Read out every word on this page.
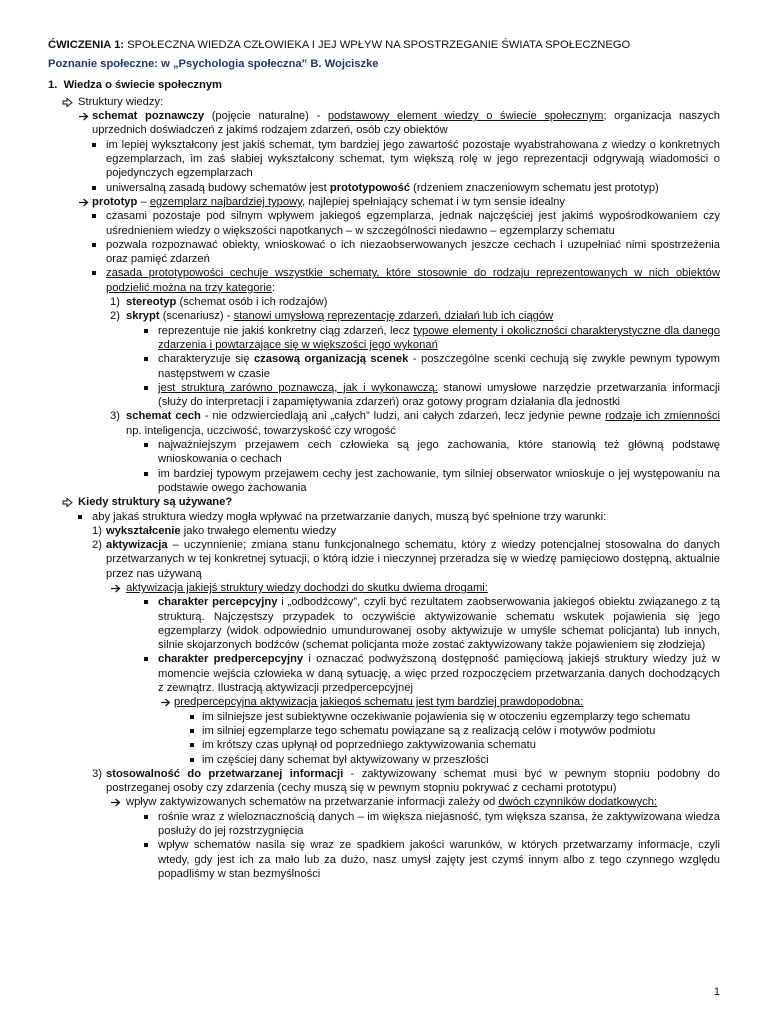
ĆWICZENIA 1: SPOŁECZNA WIEDZA CZŁOWIEKA I JEJ WPŁYW NA SPOSTRZEGANIE ŚWIATA SPOŁECZNEGO
Poznanie społeczne: w „Psychologia społeczna” B. Wojciszke
1. Wiedza o świecie społecznym
Struktury wiedzy:
schemat poznawczy (pojęcie naturalne) - podstawowy element wiedzy o świecie społecznym; organizacja naszych uprzednich doświadczeń z jakimś rodzajem zdarzeń, osób czy obiektów
im lepiej wykształcony jest jakiś schemat, tym bardziej jego zawartość pozostaje wyabstrahowana z wiedzy o konkretnych egzemplarzach, im zaś słabiej wykształcony schemat, tym większą rolę w jego reprezentacji odgrywają wiadomości o pojedynczych egzemplarzach
uniwersalną zasadą budowy schematów jest prototypowość (rdzeniem znaczeniowym schematu jest prototyp)
prototyp – egzemplarz najbardziej typowy, najlepiej spełniający schemat i w tym sensie idealny
czasami pozostaje pod silnym wpływem jakiegoś egzemplarza, jednak najczęściej jest jakimś wypośrodkowaniem czy uśrednieniem wiedzy o większości napotkanych – w szczególności niedawno – egzemplarzy schematu
pozwala rozpoznawać obiekty, wnioskować o ich niezaobserwowanych jeszcze cechach i uzupełniać nimi spostrzeżenia oraz pamięć zdarzeń
zasada prototypowości cechuje wszystkie schematy, które stosownie do rodzaju reprezentowanych w nich obiektów podzielić można na trzy kategorie:
1) stereotyp (schemat osób i ich rodzajów)
2) skrypt (scenariusz) - stanowi umysłową reprezentację zdarzeń, działań lub ich ciągów
reprezentuje nie jakiś konkretny ciąg zdarzeń, lecz typowe elementy i okoliczności charakterystyczne dla danego zdarzenia i powtarzające się w większości jego wykonań
charakteryzuje się czasową organizacją scenek - poszczególne scenki cechują się zwykle pewnym typowym następstwem w czasie
jest strukturą zarówno poznawczą, jak i wykonawczą: stanowi umysłowe narzędzie przetwarzania informacji (służy do interpretacji i zapamiętywania zdarzeń) oraz gotowy program działania dla jednostki
3) schemat cech - nie odzwierciedlają ani „całych” ludzi, ani całych zdarzeń, lecz jedynie pewne rodzaje ich zmienności np. inteligencja, uczciwość, towarzyskość czy wrogość
najważniejszym przejawem cech człowieka są jego zachowania, które stanowią też główną podstawę wnioskowania o cechach
im bardziej typowym przejawem cechy jest zachowanie, tym silniej obserwator wnioskuje o jej występowaniu na podstawie owego zachowania
Kiedy struktury są używane?
aby jakaś struktura wiedzy mogła wpływać na przetwarzanie danych, muszą być spełnione trzy warunki:
1) wykształcenie jako trwałego elementu wiedzy
2) aktywizacja – uczynnienie; zmiana stanu funkcjonalnego schematu, który z wiedzy potencjalnej stosowalna do danych przetwarzanych w tej konkretnej sytuacji, o którą idzie i nieczynnej przeradza się w wiedzę pamięciowo dostępną, aktualnie przez nas używaną
aktywizacja jakiejś struktury wiedzy dochodzi do skutku dwiema drogami:
charakter percepcyjny i „odbodźcowy”, czyli być rezultatem zaobserwowania jakiegoś obiektu związanego z tą strukturą. Najczęstszy przypadek to oczywiście aktywizowanie schematu wskutek pojawienia się jego egzemplarzy (widok odpowiednio umundurowanej osoby aktywizuje w umyśle schemat policjanta) lub innych, silnie skojarzonych bodźców (schemat policjanta może zostać zaktywizowany także pojawieniem się złodzieja)
charakter predpercepcyjny i oznaczać podwyższoną dostępność pamięciową jakiejś struktury wiedzy już w momencie wejścia człowieka w daną sytuację, a więc przed rozpoczęciem przetwarzania danych dochodzących z zewnątrz. Ilustracją aktywizacji przedpercepcyjnej
predpercepcyjna aktywizacja jakiegoś schematu jest tym bardziej prawdopodobna:
im silniejsze jest subiektywne oczekiwanie pojawienia się w otoczeniu egzemplarzy tego schematu
im silniej egzemplarze tego schematu powiązane są z realizacją celów i motywów podmiotu
im krótszy czas upłynął od poprzedniego zaktywizowania schematu
im częściej dany schemat był aktywizowany w przeszłości
3) stosowalność do przetwarzanej informacji - zaktywizowany schemat musi być w pewnym stopniu podobny do postrzeganej osoby czy zdarzenia (cechy muszą się w pewnym stopniu pokrywać z cechami prototypu)
wpływ zaktywizowanych schematów na przetwarzanie informacji zależy od dwóch czynników dodatkowych:
rośnie wraz z wieloznacznością danych – im większa niejasność, tym większa szansa, że zaktywizowana wiedza posłuży do jej rozstrzygnięcia
wpływ schematów nasila się wraz ze spadkiem jakości warunków, w których przetwarzamy informacje, czyli wtedy, gdy jest ich za mało lub za dużo, nasz umysł zajęty jest czymś innym albo z tego czynnego względu popadliśmy w stan bezmyślności
1
